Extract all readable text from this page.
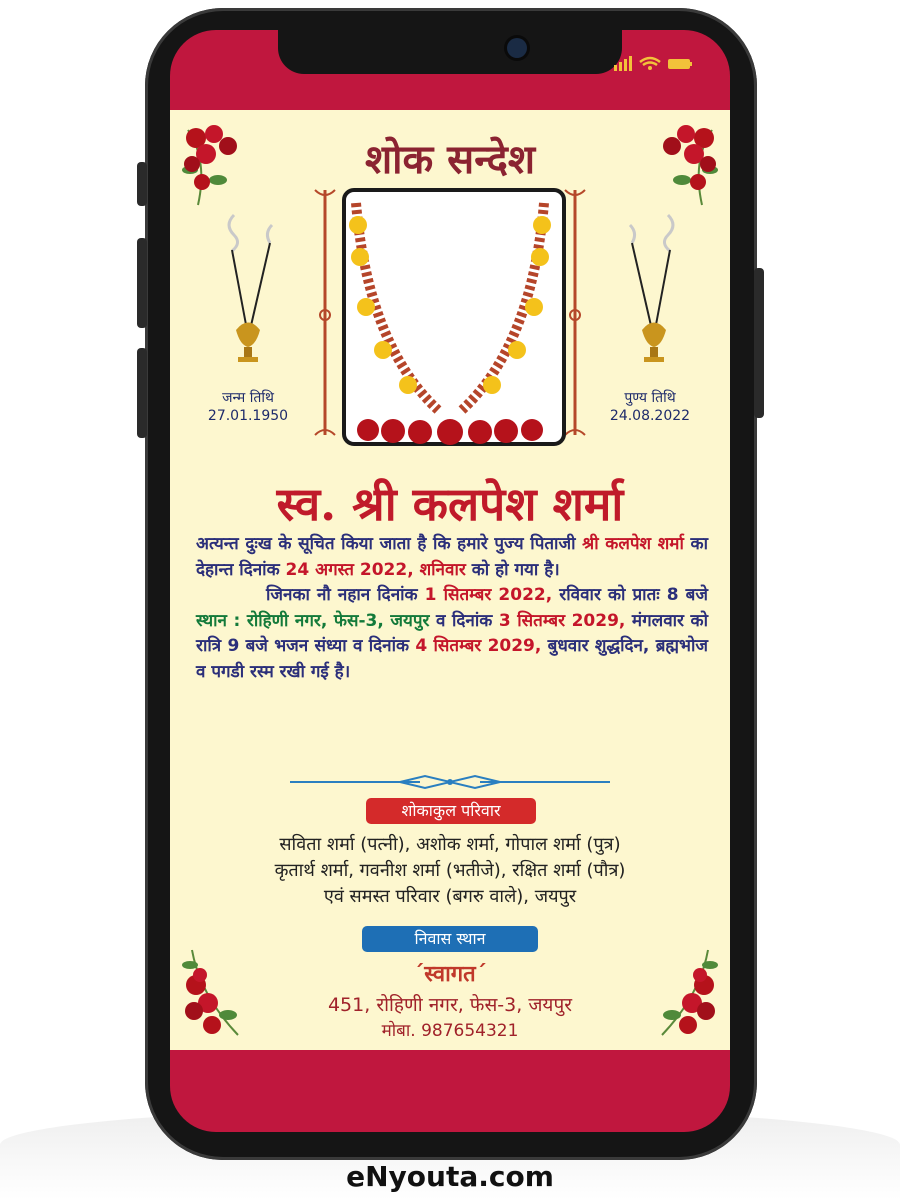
शोक सन्देश
जन्म तिथि
27.01.1950
पुण्य तिथि
24.08.2022
स्व. श्री कलपेश शर्मा
अत्यन्त दुःख के सूचित किया जाता है कि हमारे पुज्य पिताजी श्री कलपेश शर्मा का देहान्त दिनांक 24 अगस्त 2022, शनिवार को हो गया है।
जिनका नौ नहान दिनांक 1 सितम्बर 2022, रविवार को प्रातः 8 बजे स्थान : रोहिणी नगर, फेस-3, जयपुर व दिनांक 3 सितम्बर 2029, मंगलवार को रात्रि 9 बजे भजन संध्या व दिनांक 4 सितम्बर 2029, बुधवार शुद्धदिन, ब्रह्मभोज व पगडी रस्म रखी गई है।
शोकाकुल परिवार
सविता शर्मा (पत्नी), अशोक शर्मा, गोपाल शर्मा (पुत्र)
कृतार्थ शर्मा, गवनीश शर्मा (भतीजे), रक्षित शर्मा (पौत्र)
एवं समस्त परिवार (बगरु वाले), जयपुर
निवास स्थान
´स्वागत´
451, रोहिणी नगर, फेस-3, जयपुर
मोबा. 987654321
eNyouta.com
